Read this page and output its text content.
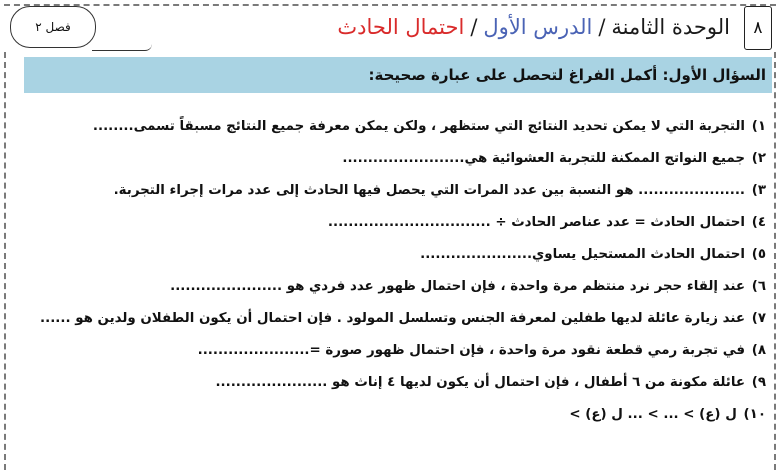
٨
الوحدة الثامنة
/
الدرس الأول
/
احتمال الحادث
فصل ٢
السؤال الأول: أكمل الفراغ لتحصل على عبارة صحيحة:
١) التجربة التي لا يمكن تحديد النتائج التي ستظهر ، ولكن يمكن معرفة جميع النتائج مسبقاً تسمى........
٢) جميع النواتج الممكنة للتجربة العشوائية هي........................
٣) ..................... هو النسبة بين عدد المرات التي يحصل فيها الحادث إلى عدد مرات إجراء التجربة.
٤) احتمال الحادث = عدد عناصر الحادث ÷ ................................
٥) احتمال الحادث المستحيل يساوي......................
٦) عند إلقاء حجر نرد منتظم مرة واحدة ، فإن احتمال ظهور عدد فردي هو ......................
٧) عند زيارة عائلة لديها طفلين لمعرفة الجنس وتسلسل المولود . فإن احتمال أن يكون الطفلان ولدين هو ......
٨) في تجربة رمي قطعة نقود مرة واحدة ، فإن احتمال ظهور صورة =......................
٩) عائلة مكونة من ٦ أطفال ، فإن احتمال أن يكون لديها ٤ إناث هو ......................
١٠) ل (ع) > ... > ... ل (ع) >
